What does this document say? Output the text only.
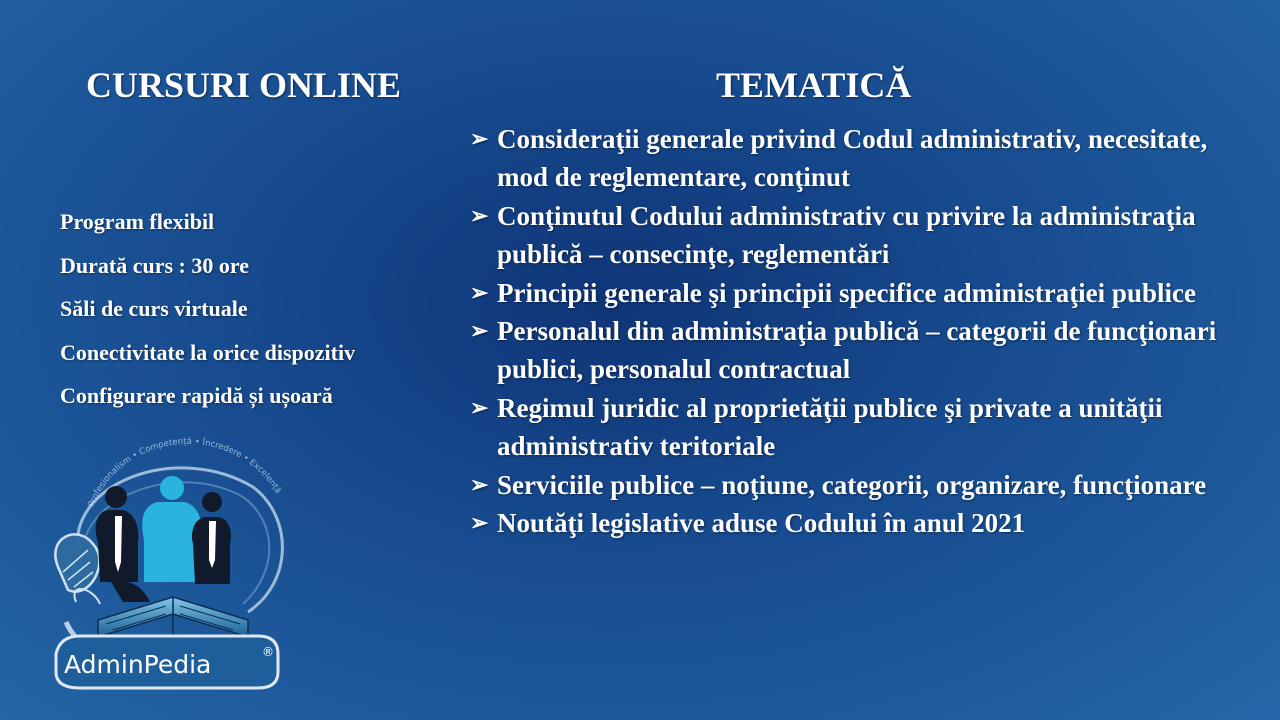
CURSURI ONLINE	TEMATICĂ
Program flexibil
Durată curs : 30 ore
Săli de curs virtuale
Conectivitate la orice dispozitiv
Configurare rapidă și ușoară
➢ Consideraţii generale privind Codul administrativ, necesitate, mod de reglementare, conţinut
➢ Conţinutul Codului administrativ cu privire la administraţia publică – consecinţe, reglementări
➢ Principii generale şi principii specifice administraţiei publice
➢ Personalul din administraţia publică – categorii de funcţionari publici, personalul contractual
➢ Regimul juridic al proprietăţii publice şi private a unităţii administrativ teritoriale
➢ Serviciile publice – noţiune, categorii, organizare, funcţionare
➢ Noutăţi legislative aduse Codului în anul 2021
Profesionalism • Competență • Încredere • Excelență
AdminPedia	®
